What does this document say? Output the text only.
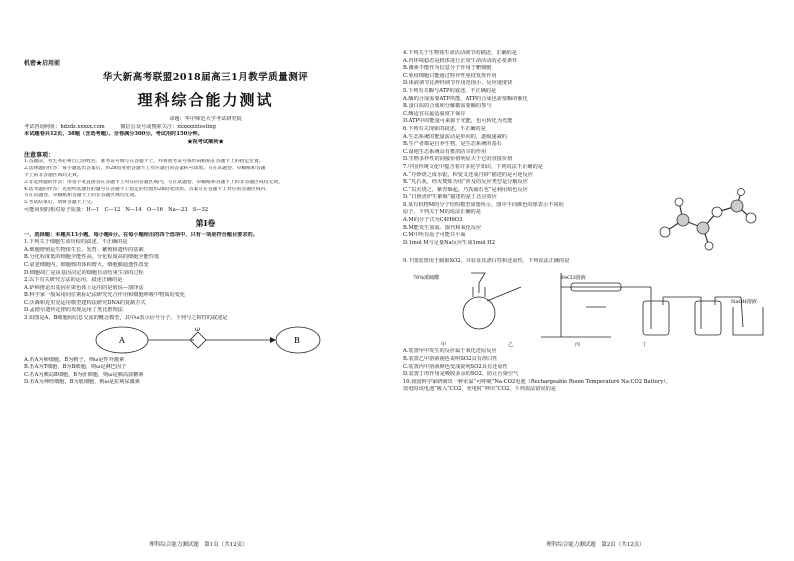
机密★启用前
华大新高考联盟2018届高三1月教学质量测评
理科综合能力测试
命题：华中师范大学考试研究院
考试咨询网址：hdzdz.xxxxx.com　　　微信公众号或搜索关注：xxxxxxxtesting
本试题卷共12页，38题（含选考题）。全卷满分300分。考试用时150分钟。
★祝考试顺利★
注意事项：
1.答题前，考生务必将自己的姓名、准考证号填写在答题卡上，并将准考证号条形码粘贴在答题卡上的指定位置。
2.选择题的作答：每小题选出答案后，用2B铅笔把答题卡上对应题目的答案标号涂黑。写在试题卷、草稿纸和答题
卡上的非答题区域均无效。
3.非选择题的作答：用签字笔直接答在答题卡上对应的答题区域内。写在试题卷、草稿纸和答题卡上的非答题区域均无效。
4.选考题的作答：先把所选题目的题号在答题卡上指定的位置用2B铅笔涂黑。答案写在答题卡上对应的答题区域内，
写在试题卷、草稿纸和答题卡上的非答题区域均无效。
5.考试结束后，请将答题卡上交。
可能用到的相对原子质量：H—1　C—12　N—14　O—16　Na—23　S—32
第Ⅰ卷
一、选择题：本题共13小题，每小题6分。在每小题给出的四个选项中，只有一项是符合题目要求的。
1.下列关于细胞生命历程的叙述，不正确的是
A.细胞增殖是生物体生长、发育、繁殖和遗传的基础
B.分化程度低的细胞全能性高，分化程度高的细胞全能性低
C.衰老细胞内，细胞核的体积增大，细胞膜通透性改变
D.细胞凋亡是由基因决定的细胞自动结束生命的过程
2.以下有关研究方法的运用，叙述正确的是
A.萨顿推论出基因在染色体上运用的是假说—演绎法
B.科学家一般采用同位素标记法研究光合作用和细胞呼吸中物质的变化
C.沃森和克里克运用模型建构法研究DNA的复制方式
D.孟德尔遗传定律的发现运用了类比推理法
3.如图是A、B细胞间信息交流的概念模型，其中ω表示信号分子。下列与之相符的叙述是
A
ω
B
A.若A为卵细胞，B为精子，则ω是性外激素
B.若A为T细胞，B为B细胞，则ω是淋巴因子
C.若A为胰岛B细胞，B为肝细胞，则ω是胰高血糖素
D.若A为神经细胞，B为肌细胞，则ω是抗利尿激素
理科综合能力测试题　第1页（共12页）
4.下列关于生物体生命活动调节的描述，正确的是
A.内环境稳态是机体进行正常生命活动的必要条件
B.激素不能作为信息分子作用于靶细胞
C.免疫细胞只能通过特异性免疫发挥作用
D.体液调节比神经调节作用范围小，反应速度快
5.下列有关酶与ATP的叙述，不正确的是
A.酶的合成需要ATP供能，ATP的合成也需要酶的催化
B.蛋白质的合成和分解都需要酶的参与
C.酶适宜在最适温度下保存
D.ATP中的能量可来源于光能，也可转化为光能
6.下列有关现象的叙述，不正确的是
A.生态系统的能量流动是单向的，逐级递减的
B.生产者都是自养生物，是生态系统的基石
C.湿地生态系统具有蓄洪防旱的作用
D.生物多样性的间接价值明显大于它的直接价值
7.中国传统文化中蕴含着许多化学知识，下列说法不正确的是
A.“丹砂烧之成水银，积变又还成丹砂”描述的是可逆反应
B.“凡石灰，经火焚炼为用”涉及的反应类型是分解反应
C.“以火烧之，紫青烟起，乃真硝石也”是利用焰色反应
D.“日照香炉生紫烟”描述的是丁达尔效应
8.某有机物M的分子结构模型如图所示，图中不同颜色的球表示不同的
原子。下列关于M的说法正确的是
A.M的分子式为C4H6O3
B.M能发生加成、取代和氧化反应
C.M中所有原子可能共平面
D.1mol M与足量Na反应生成1mol H2
9.下图装置用于制取SO2，并验证其漂白性和还原性，下列说法正确的是
70%浓硫酸	FeCl3溶液
NaOH溶液
甲	乙	丙	丁
A.装置甲中发生的反应属于氧化还原反应
B.装置乙中溶液褪色说明SO2具有漂白性
C.装置丙中溶液颜色变浅说明SO2具有还原性
D.装置丁的作用是吸收多余的SO2，防止污染空气
10.我国科学家研制出一种室温“可呼吸”Na-CO2电池（Rechargeable Room Temperature Na-CO2 Battery）。
放电时该电池“吸入”CO2，充电时“呼出”CO2。下列说法错误的是
理科综合能力测试题　第2页（共12页）
